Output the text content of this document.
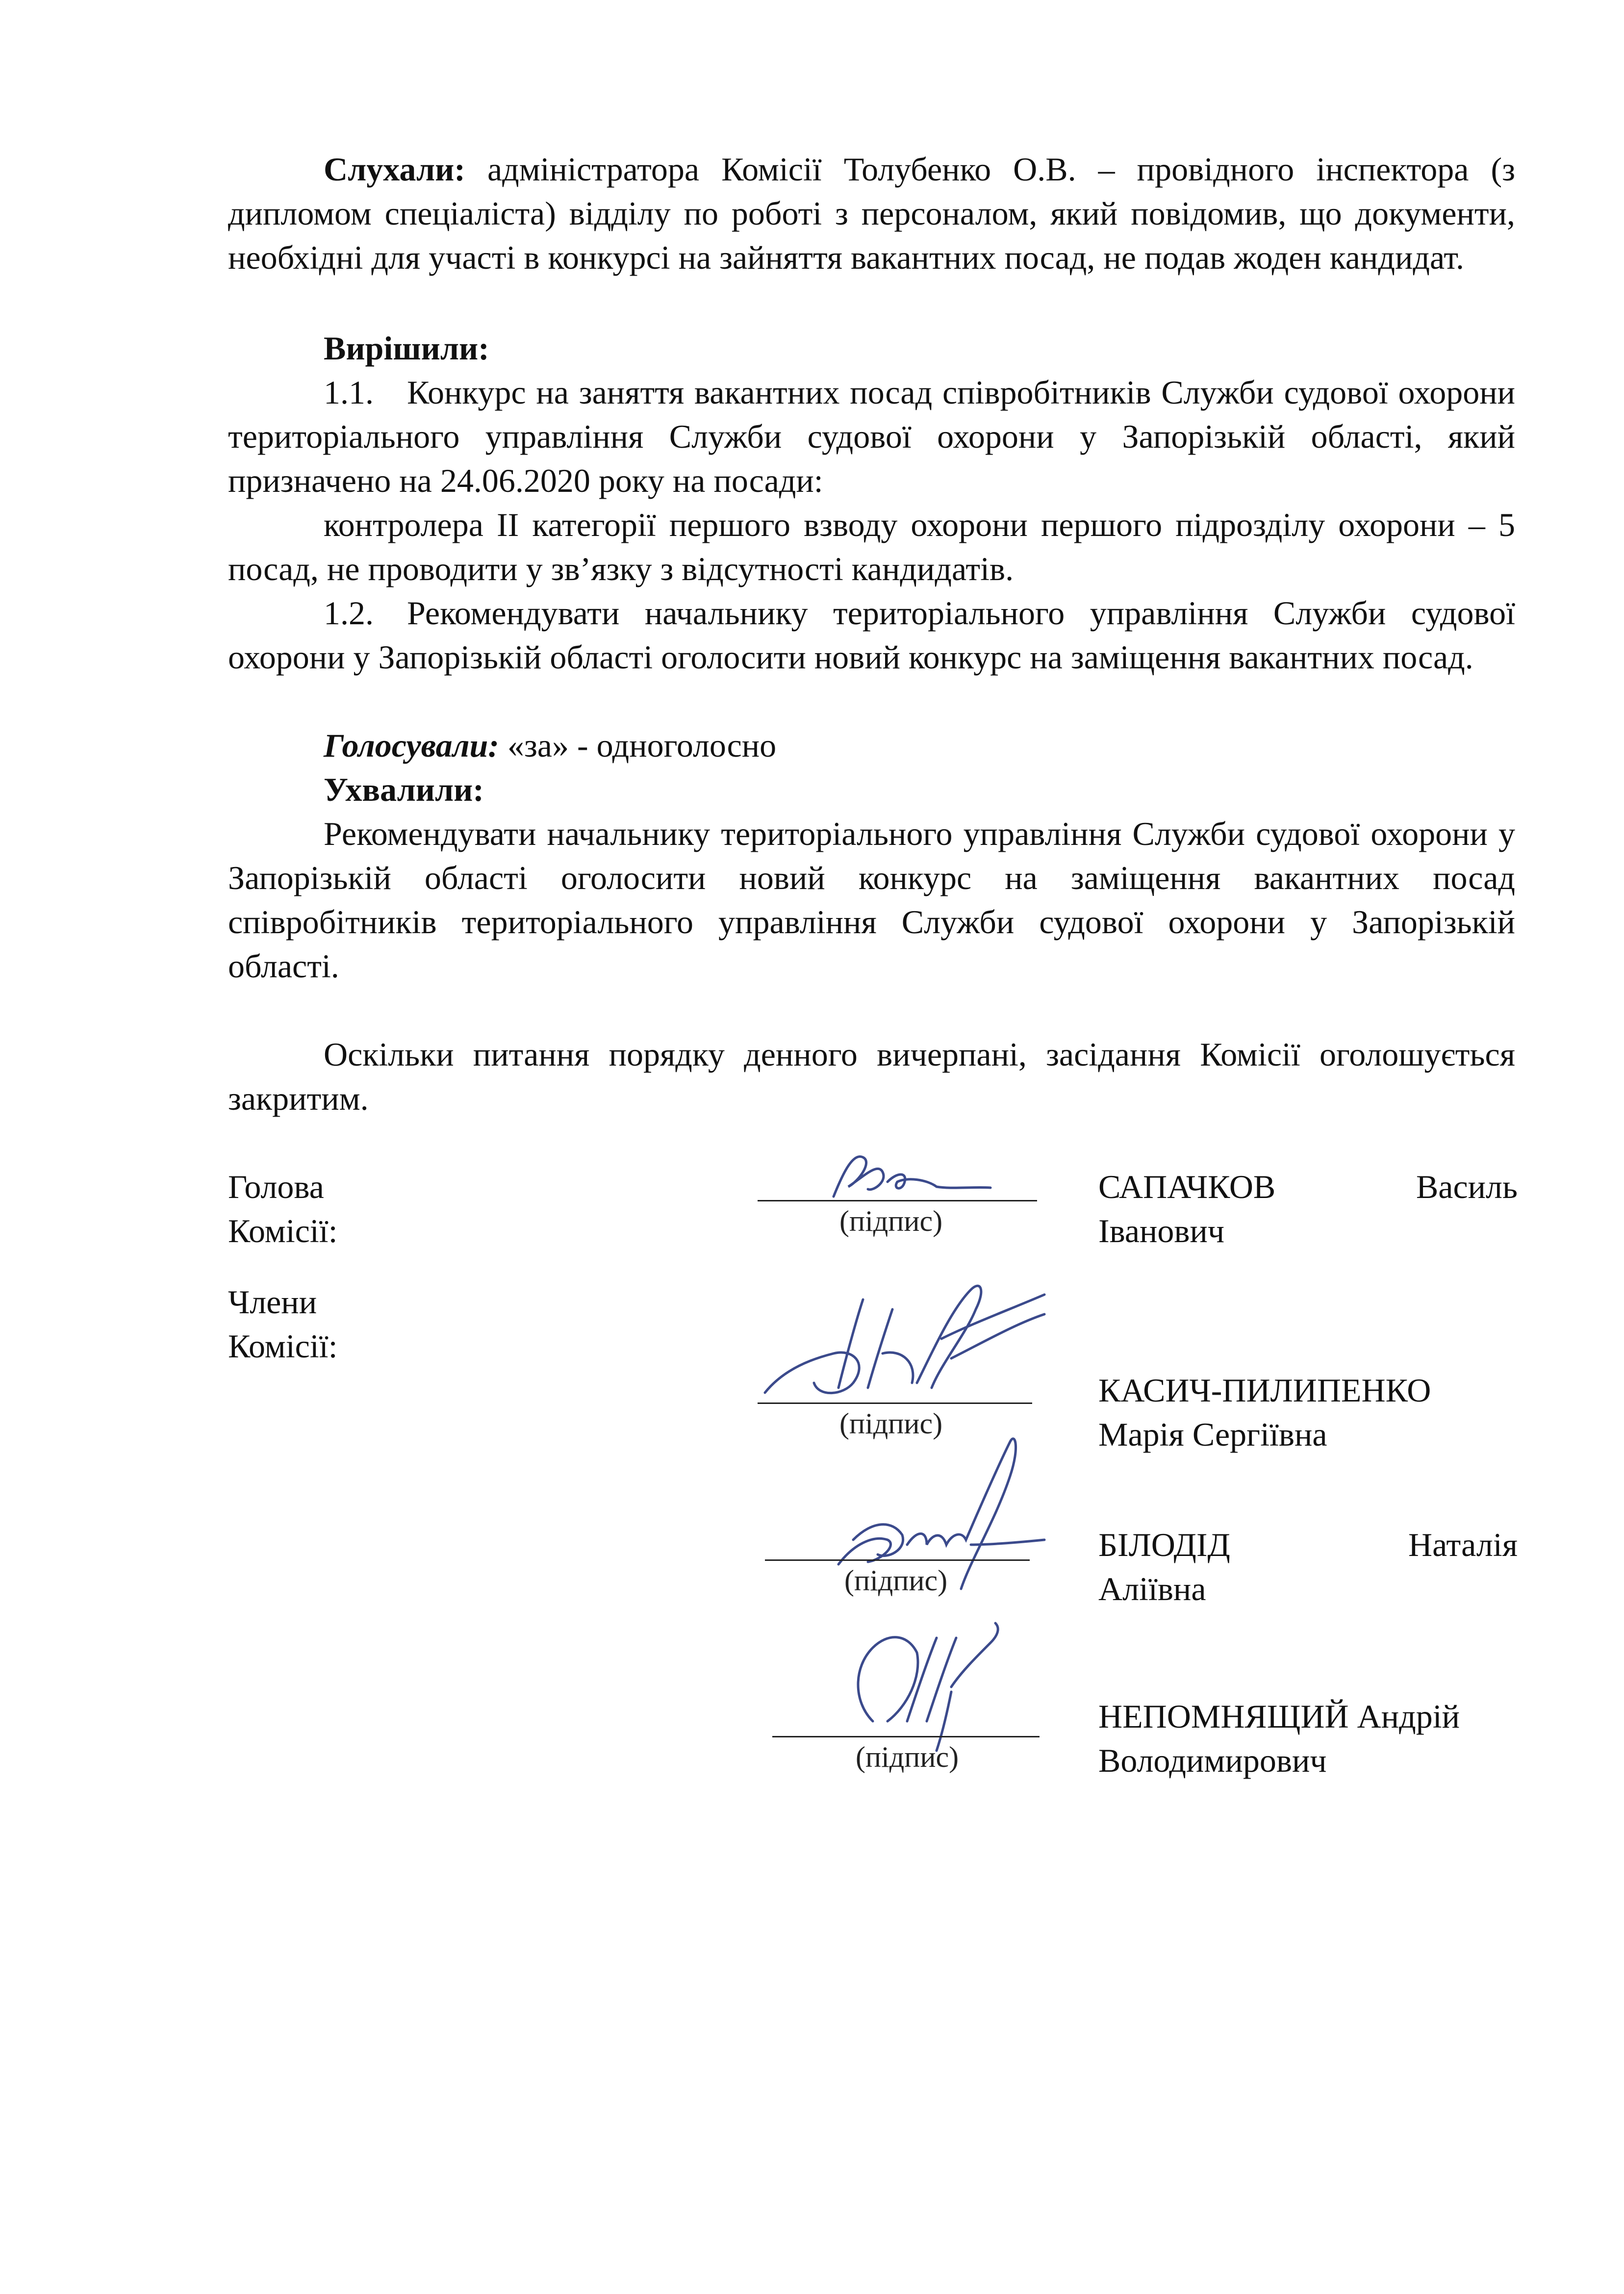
Слухали: адміністратора Комісії Толубенко О.В. – провідного інспектора (з дипломом спеціаліста) відділу по роботі з персоналом, який повідомив, що документи, необхідні для участі в конкурсі на зайняття вакантних посад, не подав жоден кандидат.

Вирішили:

1.1. Конкурс на заняття вакантних посад співробітників Служби судової охорони територіального управління Служби судової охорони у Запорізькій області, який призначено на 24.06.2020 року на посади:

контролера ІІ категорії першого взводу охорони першого підрозділу охорони – 5 посад, не проводити у зв’язку з відсутності кандидатів.

1.2. Рекомендувати начальнику територіального управління Служби судової охорони у Запорізькій області оголосити новий конкурс на заміщення вакантних посад.

Голосували: «за» - одноголосно

Ухвалили:

Рекомендувати начальнику територіального управління Служби судової охорони у Запорізькій області оголосити новий конкурс на заміщення вакантних посад співробітників територіального управління Служби судової охорони у Запорізькій області.

Оскільки питання порядку денного вичерпані, засідання Комісії оголошується закритим.

Голова
Комісії:
Члени
Комісії:
(підпис)
САПАЧКОВ	Василь
Іванович
(підпис)
КАСИЧ-ПИЛИПЕНКО
Марія Сергіївна
(підпис)
БІЛОДІД	Наталія
Аліївна
(підпис)
НЕПОМНЯЩИЙ Андрій
Володимирович
